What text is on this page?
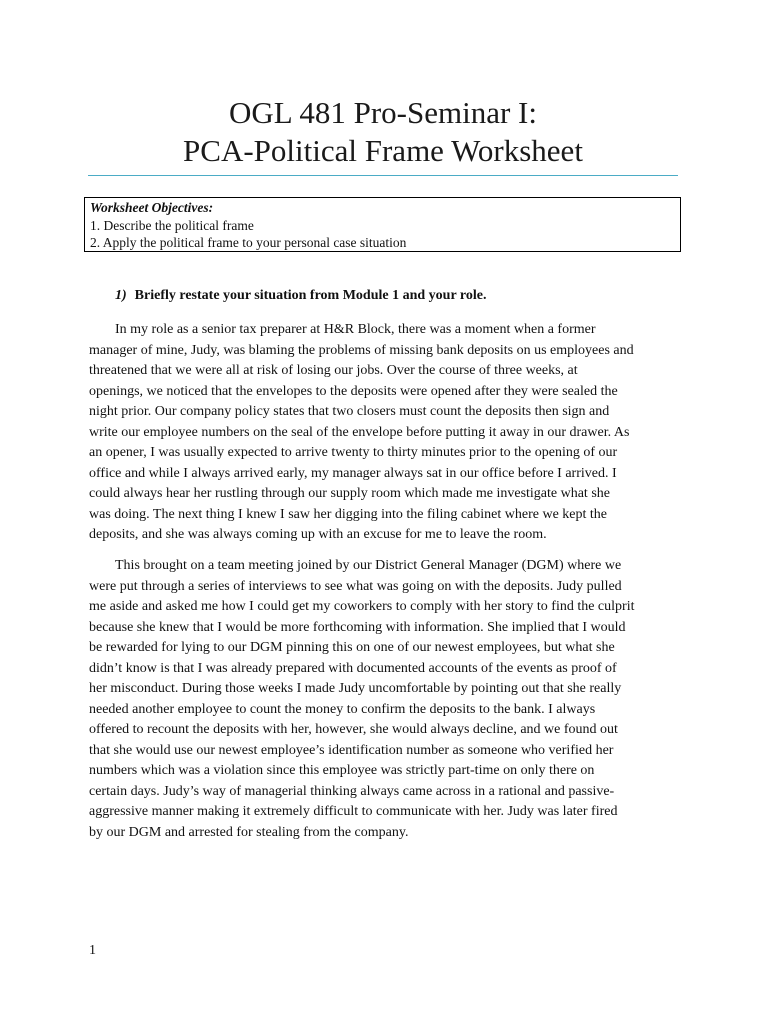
OGL 481 Pro-Seminar I:
PCA-Political Frame Worksheet
Worksheet Objectives:
1. Describe the political frame
2. Apply the political frame to your personal case situation
1) Briefly restate your situation from Module 1 and your role.
In my role as a senior tax preparer at H&R Block, there was a moment when a former
manager of mine, Judy, was blaming the problems of missing bank deposits on us employees and
threatened that we were all at risk of losing our jobs. Over the course of three weeks, at
openings, we noticed that the envelopes to the deposits were opened after they were sealed the
night prior. Our company policy states that two closers must count the deposits then sign and
write our employee numbers on the seal of the envelope before putting it away in our drawer. As
an opener, I was usually expected to arrive twenty to thirty minutes prior to the opening of our
office and while I always arrived early, my manager always sat in our office before I arrived. I
could always hear her rustling through our supply room which made me investigate what she
was doing. The next thing I knew I saw her digging into the filing cabinet where we kept the
deposits, and she was always coming up with an excuse for me to leave the room.
This brought on a team meeting joined by our District General Manager (DGM) where we
were put through a series of interviews to see what was going on with the deposits. Judy pulled
me aside and asked me how I could get my coworkers to comply with her story to find the culprit
because she knew that I would be more forthcoming with information. She implied that I would
be rewarded for lying to our DGM pinning this on one of our newest employees, but what she
didn’t know is that I was already prepared with documented accounts of the events as proof of
her misconduct. During those weeks I made Judy uncomfortable by pointing out that she really
needed another employee to count the money to confirm the deposits to the bank. I always
offered to recount the deposits with her, however, she would always decline, and we found out
that she would use our newest employee’s identification number as someone who verified her
numbers which was a violation since this employee was strictly part-time on only there on
certain days. Judy’s way of managerial thinking always came across in a rational and passive-
aggressive manner making it extremely difficult to communicate with her. Judy was later fired
by our DGM and arrested for stealing from the company.
1
